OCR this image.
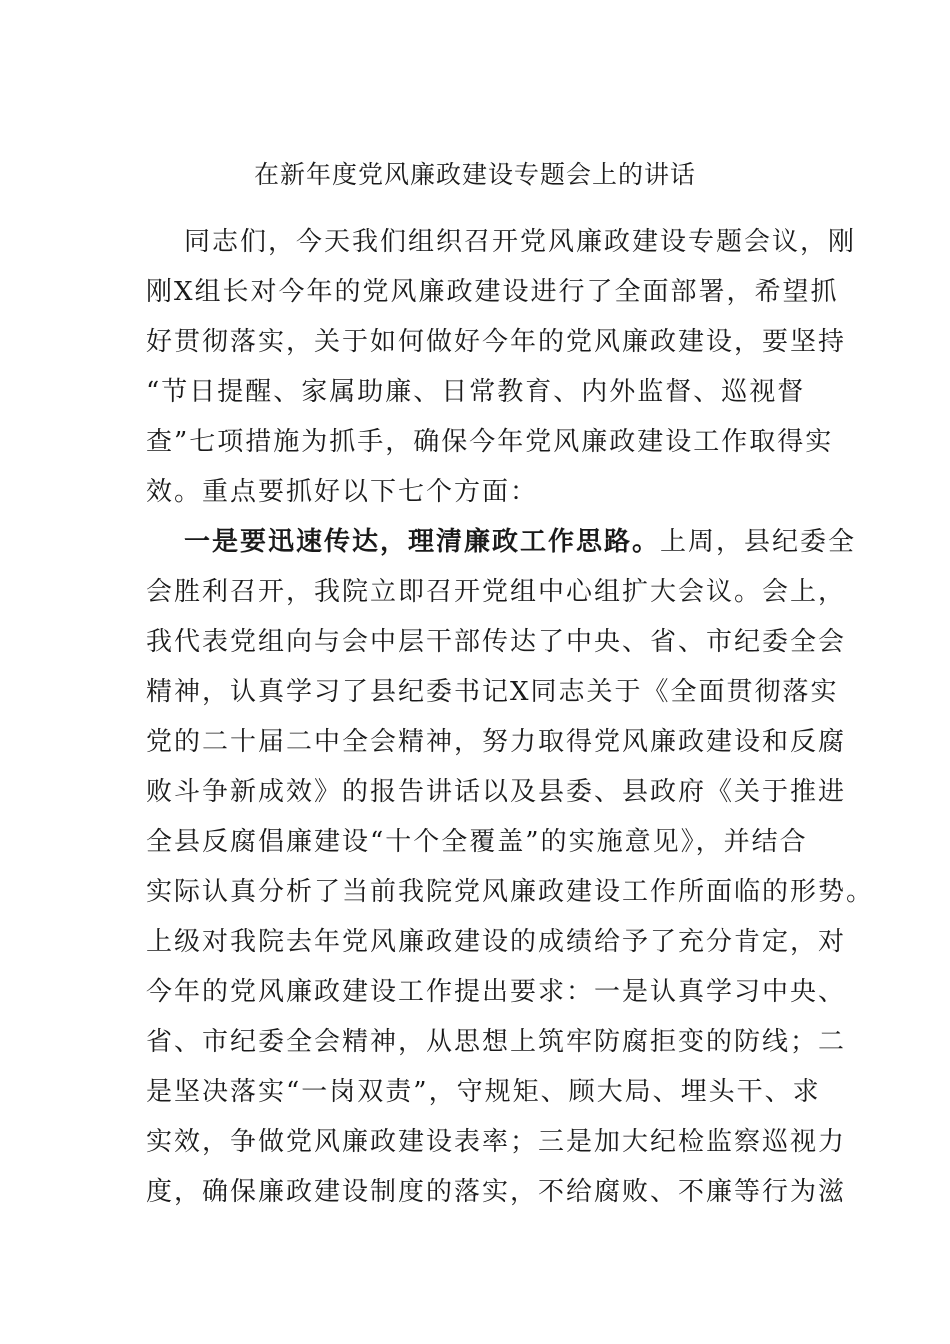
在新年度党风廉政建设专题会上的讲话
同志们，今天我们组织召开党风廉政建设专题会议，刚
刚X组长对今年的党风廉政建设进行了全面部署，希望抓
好贯彻落实，关于如何做好今年的党风廉政建设，要坚持
“节日提醒、家属助廉、日常教育、内外监督、巡视督
查”七项措施为抓手，确保今年党风廉政建设工作取得实
效。重点要抓好以下七个方面：
一是要迅速传达，理清廉政工作思路。上周，县纪委全
会胜利召开，我院立即召开党组中心组扩大会议。会上，
我代表党组向与会中层干部传达了中央、省、市纪委全会
精神，认真学习了县纪委书记X同志关于《全面贯彻落实
党的二十届二中全会精神，努力取得党风廉政建设和反腐
败斗争新成效》的报告讲话以及县委、县政府《关于推进
全县反腐倡廉建设“十个全覆盖”的实施意见》，并结合
实际认真分析了当前我院党风廉政建设工作所面临的形势。
上级对我院去年党风廉政建设的成绩给予了充分肯定，对
今年的党风廉政建设工作提出要求：一是认真学习中央、
省、市纪委全会精神，从思想上筑牢防腐拒变的防线；二
是坚决落实“一岗双责”，守规矩、顾大局、埋头干、求
实效，争做党风廉政建设表率；三是加大纪检监察巡视力
度，确保廉政建设制度的落实，不给腐败、不廉等行为滋
